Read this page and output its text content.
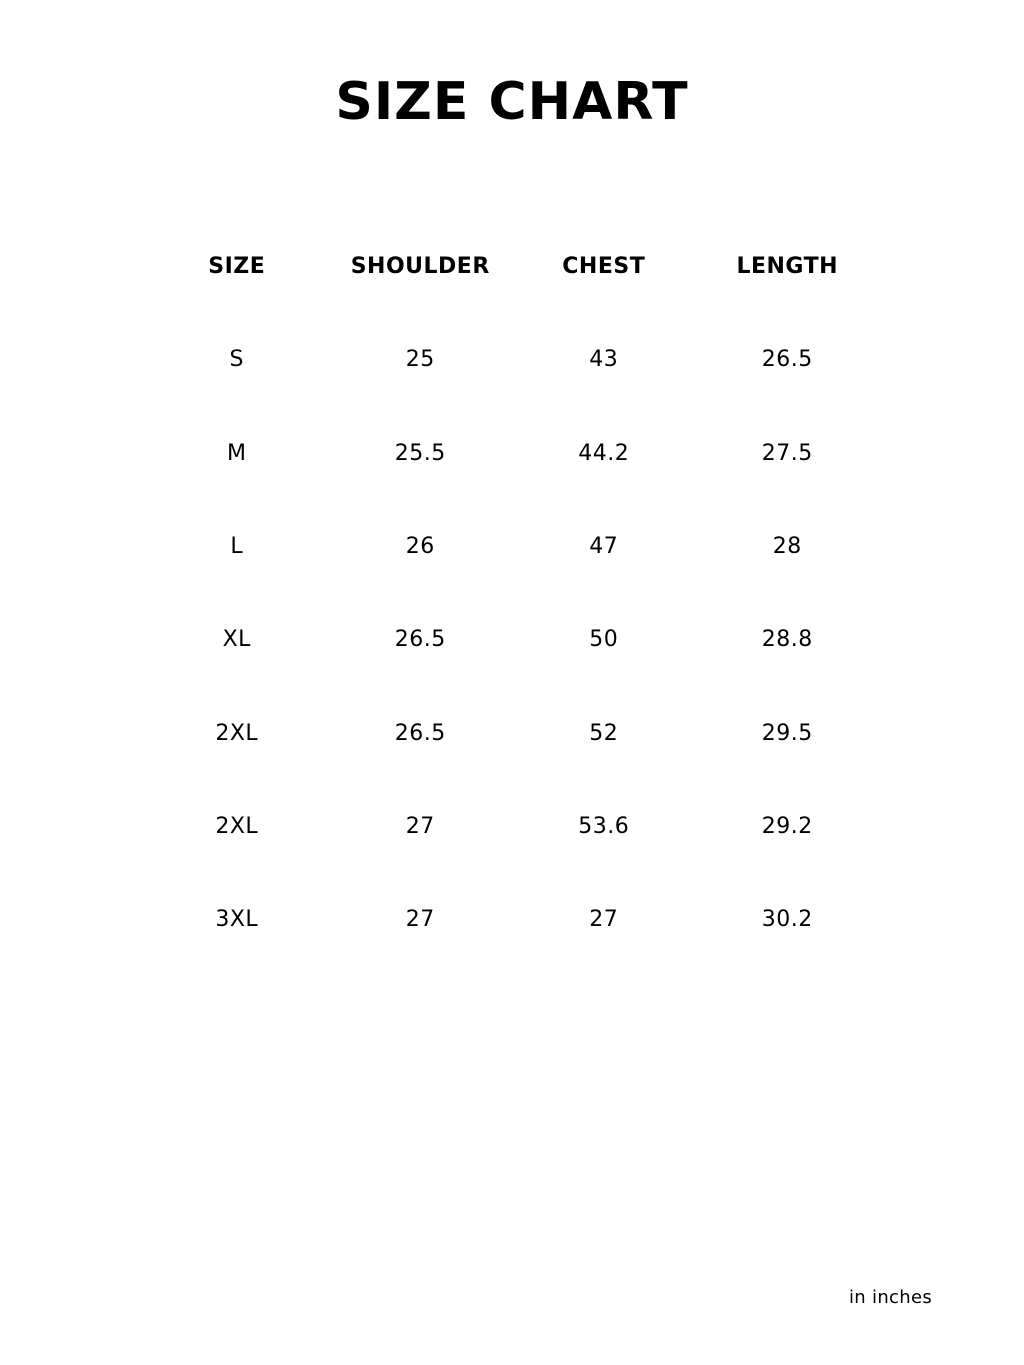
SIZE CHART
SIZE	SHOULDER	CHEST	LENGTH
S	25	43	26.5
M	25.5	44.2	27.5
L	26	47	28
XL	26.5	50	28.8
2XL	26.5	52	29.5
2XL	27	53.6	29.2
3XL	27	27	30.2
in inches
